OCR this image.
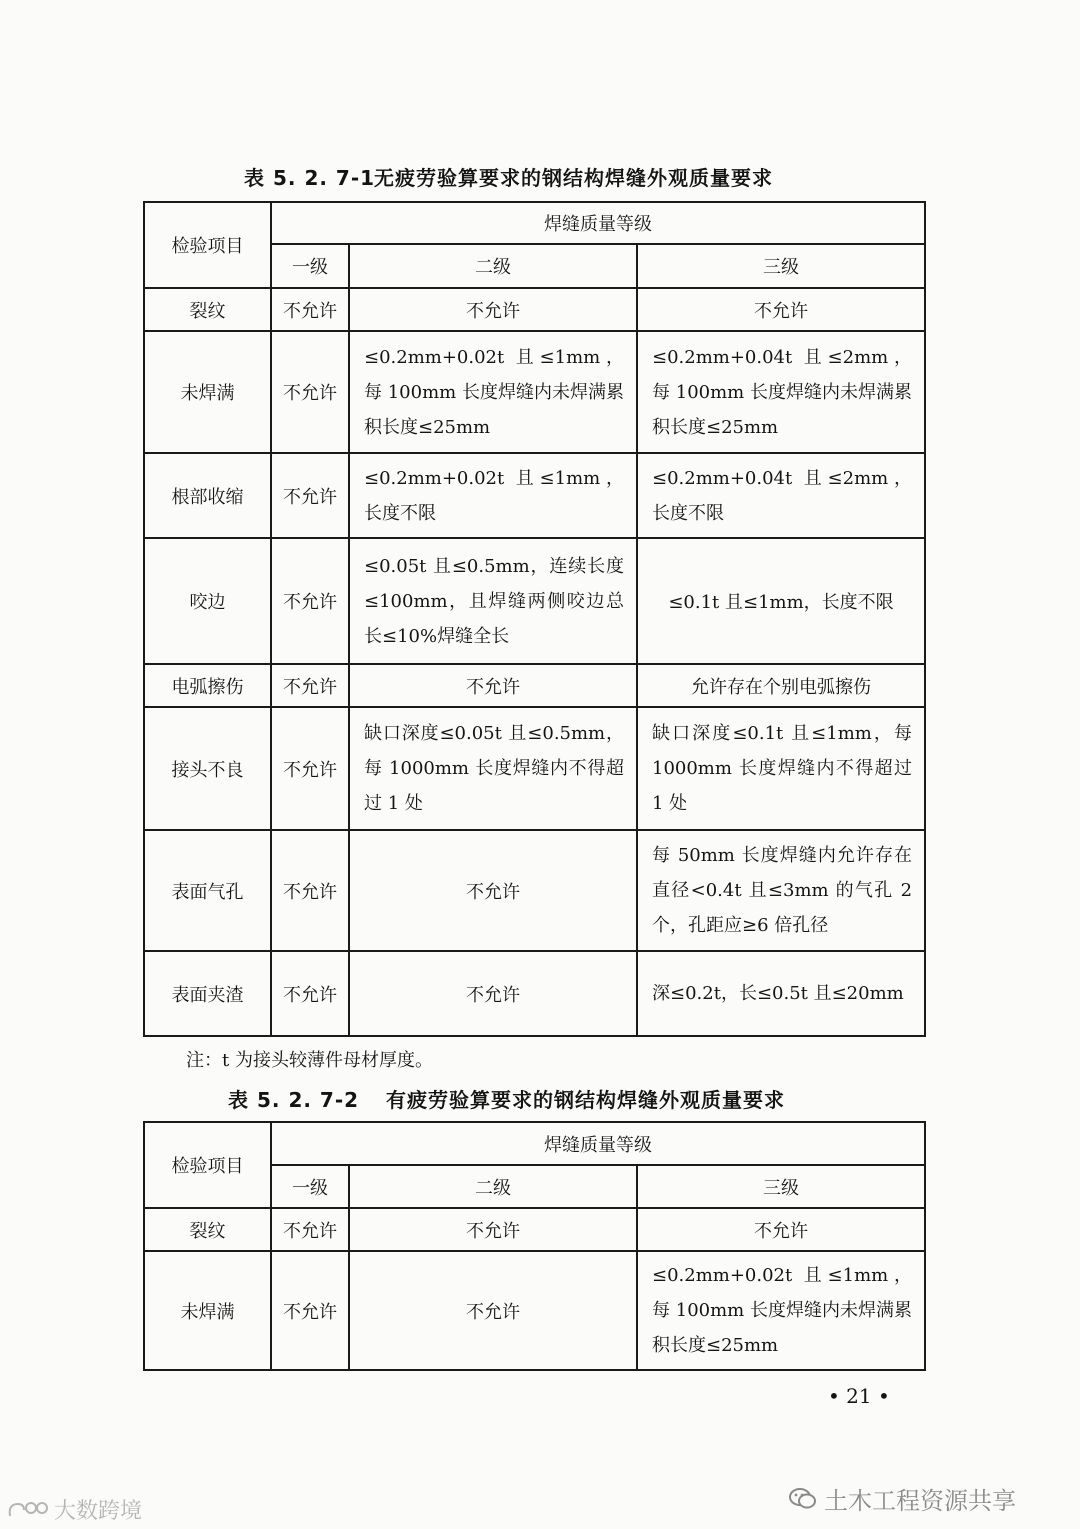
表 5. 2. 7-1
无疲劳验算要求的钢结构焊缝外观质量要求
检验项目	焊缝质量等级		
	一级	二级	三级
裂纹	不允许	不允许	不允许
未焊满	不允许	≤0.2mm+0.02t 且≤1mm，每 100mm 长度焊缝内未焊满累积长度≤25mm	≤0.2mm+0.04t 且≤2mm，每 100mm 长度焊缝内未焊满累积长度≤25mm
根部收缩	不允许	≤0.2mm+0.02t 且≤1mm，长度不限	≤0.2mm+0.04t 且≤2mm，长度不限
咬边	不允许	≤0.05t 且≤0.5mm，连续长度≤100mm，且焊缝两侧咬边总长≤10%焊缝全长	≤0.1t 且≤1mm，长度不限
电弧擦伤	不允许	不允许	允许存在个别电弧擦伤
接头不良	不允许	缺口深度≤0.05t 且≤0.5mm，每 1000mm 长度焊缝内不得超过 1 处	缺口深度≤0.1t 且≤1mm，每 1000mm 长度焊缝内不得超过 1 处
表面气孔	不允许	不允许	每 50mm 长度焊缝内允许存在直径<0.4t 且≤3mm 的气孔 2 个，孔距应≥6 倍孔径
表面夹渣	不允许	不允许	深≤0.2t，长≤0.5t 且≤20mm
注：t 为接头较薄件母材厚度。
表 5. 2. 7-2 有疲劳验算要求的钢结构焊缝外观质量要求
检验项目	焊缝质量等级		
	一级	二级	三级
裂纹	不允许	不允许	不允许
未焊满	不允许	不允许	≤0.2mm+0.02t 且≤1mm，每 100mm 长度焊缝内未焊满累积长度≤25mm
• 21 •
土木工程资源共享
大数跨境
